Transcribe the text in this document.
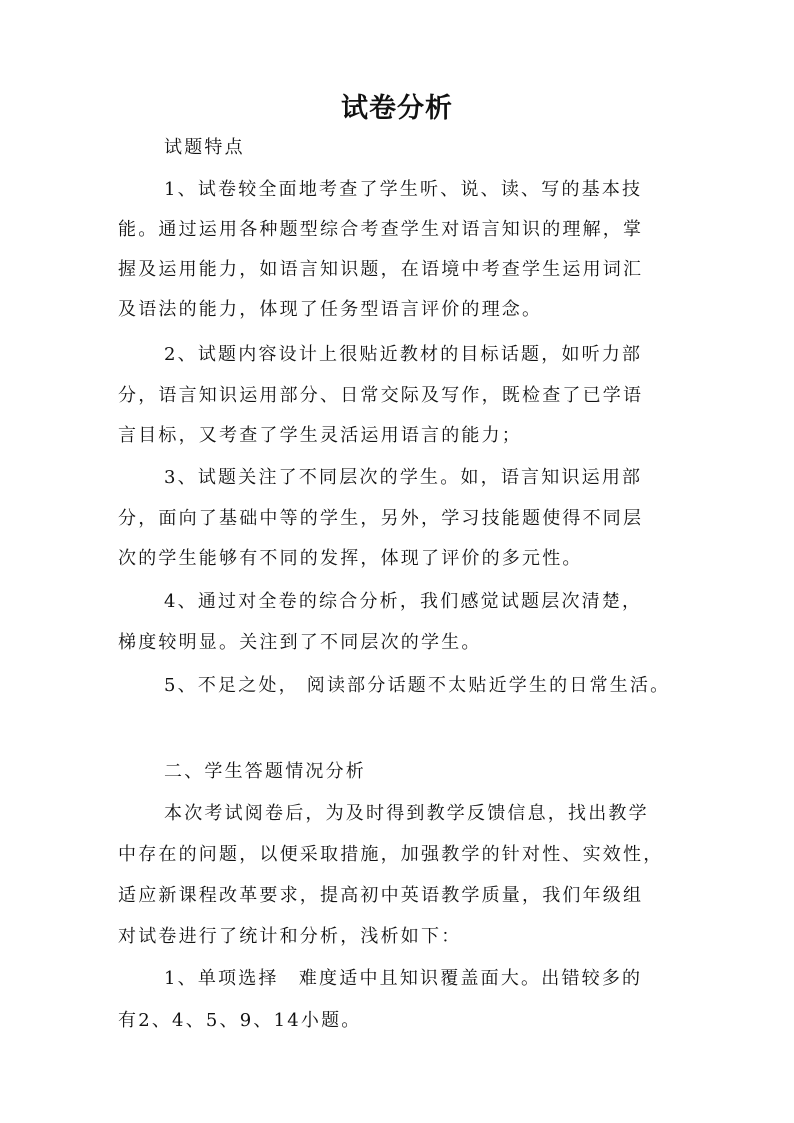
试卷分析
试题特点
1、试卷较全面地考查了学生听、说、读、写的基本技
能。通过运用各种题型综合考查学生对语言知识的理解，掌
握及运用能力，如语言知识题，在语境中考查学生运用词汇
及语法的能力，体现了任务型语言评价的理念。
2、试题内容设计上很贴近教材的目标话题，如听力部
分，语言知识运用部分、日常交际及写作，既检查了已学语
言目标，又考查了学生灵活运用语言的能力；
3、试题关注了不同层次的学生。如，语言知识运用部
分，面向了基础中等的学生，另外，学习技能题使得不同层
次的学生能够有不同的发挥，体现了评价的多元性。
4、通过对全卷的综合分析，我们感觉试题层次清楚，
梯度较明显。关注到了不同层次的学生。
5、不足之处， 阅读部分话题不太贴近学生的日常生活。
二、学生答题情况分析
本次考试阅卷后，为及时得到教学反馈信息，找出教学
中存在的问题，以便采取措施，加强教学的针对性、实效性，
适应新课程改革要求，提高初中英语教学质量，我们年级组
对试卷进行了统计和分析，浅析如下：
1、单项选择　难度适中且知识覆盖面大。出错较多的
有2、4、5、9、14小题。
